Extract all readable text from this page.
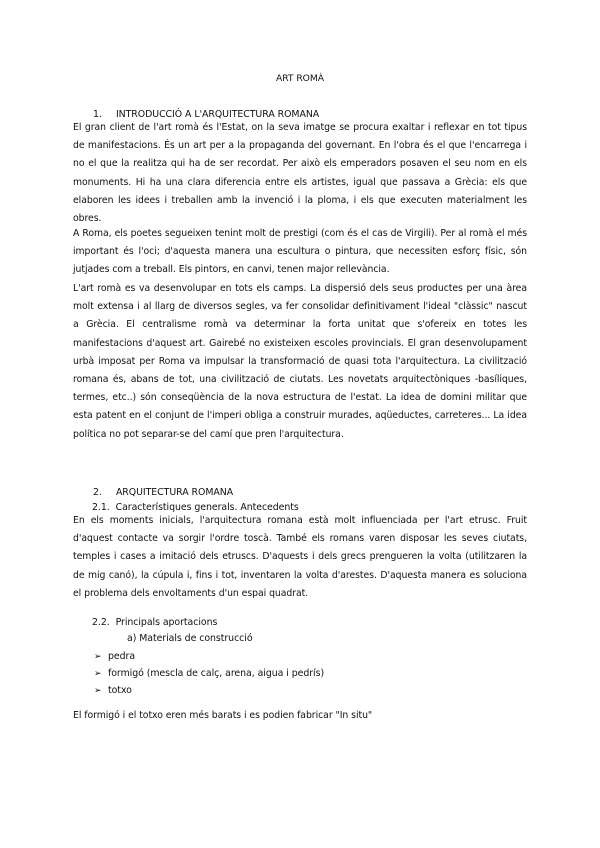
ART ROMÀ
1. INTRODUCCIÓ A L'ARQUITECTURA ROMANA

El gran client de l'art romà és l'Estat, on la seva imatge se procura exaltar i reflexar en tot tipus de manifestacions. És un art per a la propaganda del governant. En l'obra és el que l'encarrega i no el que la realitza qui ha de ser recordat. Per això els emperadors posaven el seu nom en els monuments. Hi ha una clara diferencia entre els artistes, igual que passava a Grècia: els que elaboren les idees i treballen amb la invenció i la ploma, i els que executen materialment les obres.

A Roma, els poetes segueixen tenint molt de prestigi (com és el cas de Virgili). Per al romà el més important és l'oci; d'aquesta manera una escultura o pintura, que necessiten esforç físic, són jutjades com a treball. Els pintors, en canvi, tenen major rellevància.

L'art romà es va desenvolupar en tots els camps. La dispersió dels seus productes per una àrea molt extensa i al llarg de diversos segles, va fer consolidar definitivament l'ideal "clàssic" nascut a Grècia. El centralisme romà va determinar la forta unitat que s'ofereix en totes les manifestacions d'aquest art. Gairebé no existeixen escoles provincials. El gran desenvolupament urbà imposat per Roma va impulsar la transformació de quasi tota l'arquitectura. La civilització romana és, abans de tot, una civilització de ciutats. Les novetats arquitectòniques -basíliques, termes, etc..) són conseqüència de la nova estructura de l'estat. La idea de domini militar que esta patent en el conjunt de l'imperi obliga a construir murades, aqüeductes, carreteres... La idea política no pot separar-se del camí que pren l'arquitectura.

2. ARQUITECTURA ROMANA
2.1. Característiques generals. Antecedents

En els moments inicials, l'arquitectura romana està molt influenciada per l'art etrusc. Fruit d'aquest contacte va sorgir l'ordre toscà. També els romans varen disposar les seves ciutats, temples i cases a imitació dels etruscs. D'aquests i dels grecs prengueren la volta (utilitzaren la de mig canó), la cúpula i, fins i tot, inventaren la volta d'arestes. D'aquesta manera es soluciona el problema dels envoltaments d'un espai quadrat.

2.2. Principals aportacions
a) Materials de construcció
➢ pedra
➢ formigó (mescla de calç, arena, aigua i pedrís)
➢ totxo
El formigó i el totxo eren més barats i es podien fabricar "In situ"
